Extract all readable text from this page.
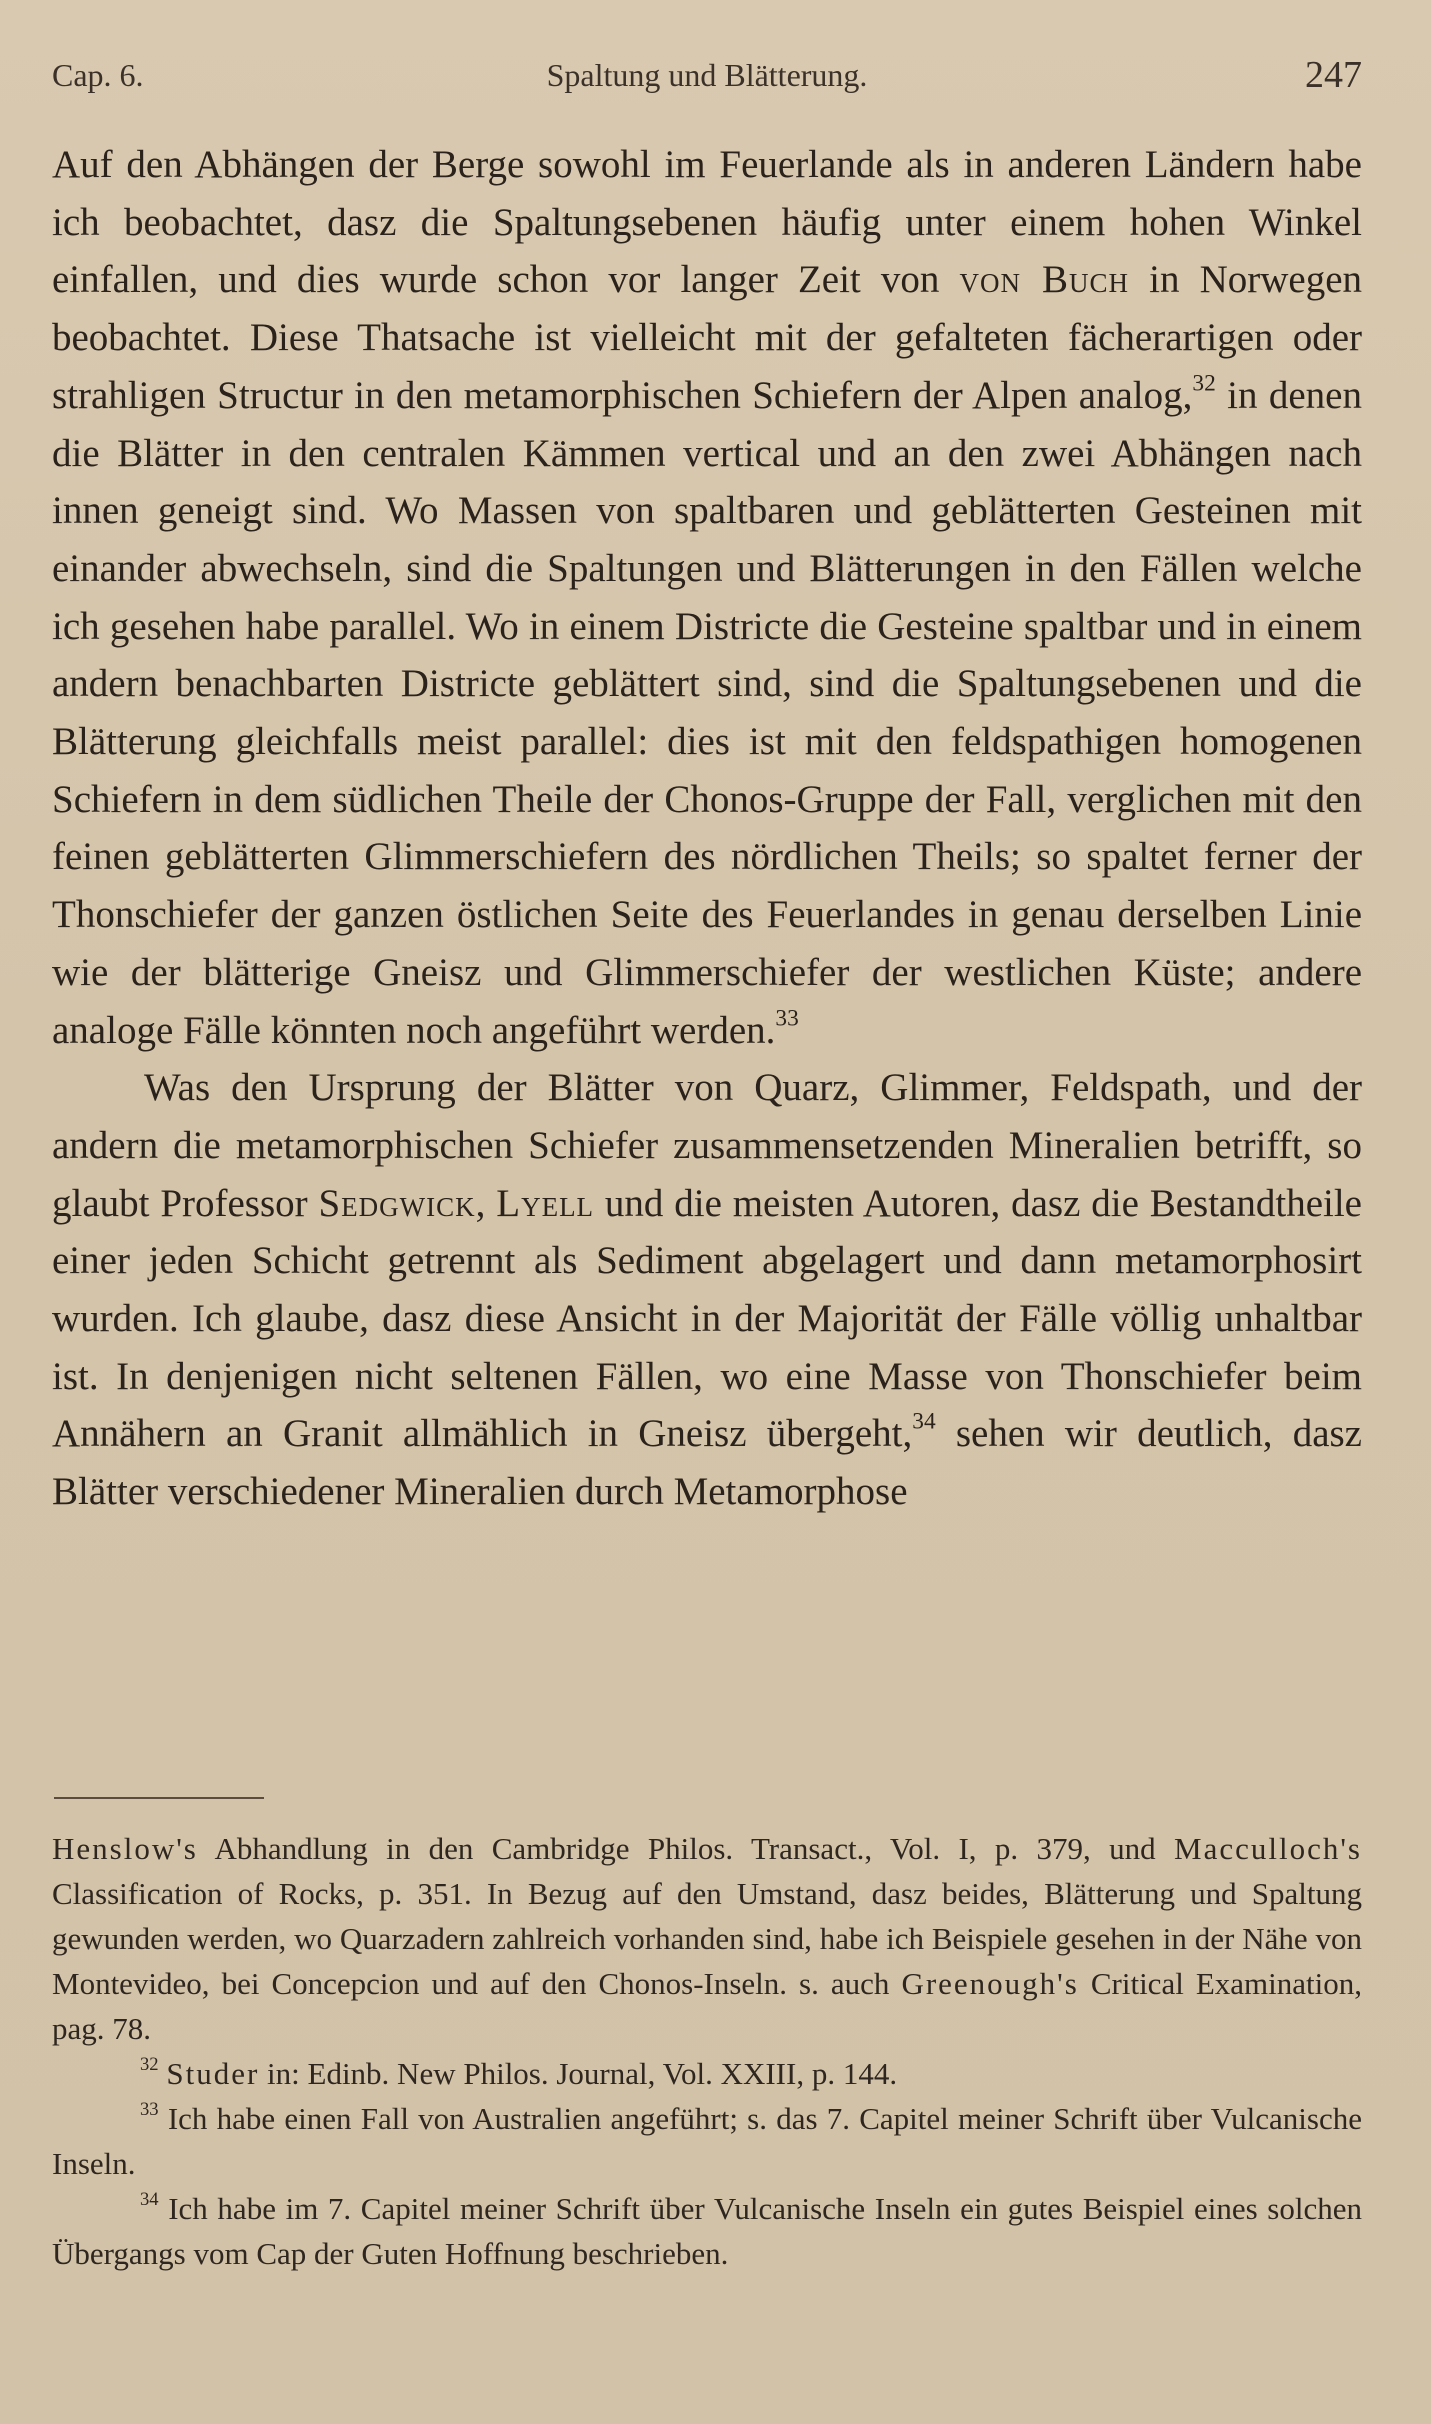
Cap. 6.	Spaltung und Blätterung.	247

Auf den Abhängen der Berge sowohl im Feuerlande als in anderen Ländern habe ich beobachtet, dasz die Spaltungsebenen häufig unter einem hohen Winkel einfallen, und dies wurde schon vor langer Zeit von von Buch in Norwegen beobachtet. Diese Thatsache ist vielleicht mit der gefalteten fächerartigen oder strahligen Structur in den metamorphischen Schiefern der Alpen analog,$^{32}$ in denen die Blätter in den centralen Kämmen vertical und an den zwei Abhängen nach innen geneigt sind. Wo Massen von spaltbaren und geblätterten Gesteinen mit einander abwechseln, sind die Spaltungen und Blätterungen in den Fällen welche ich gesehen habe parallel. Wo in einem Districte die Gesteine spaltbar und in einem andern benachbarten Districte geblättert sind, sind die Spaltungsebenen und die Blätterung gleichfalls meist parallel: dies ist mit den feldspathigen homogenen Schiefern in dem südlichen Theile der Chonos-Gruppe der Fall, verglichen mit den feinen geblätterten Glimmerschiefern des nördlichen Theils; so spaltet ferner der Thonschiefer der ganzen östlichen Seite des Feuerlandes in genau derselben Linie wie der blätterige Gneisz und Glimmerschiefer der westlichen Küste; andere analoge Fälle könnten noch angeführt werden.$^{33}$

Was den Ursprung der Blätter von Quarz, Glimmer, Feldspath, und der andern die metamorphischen Schiefer zusammensetzenden Mineralien betrifft, so glaubt Professor Sedgwick, Lyell und die meisten Autoren, dasz die Bestandtheile einer jeden Schicht getrennt als Sediment abgelagert und dann metamorphosirt wurden. Ich glaube, dasz diese Ansicht in der Majorität der Fälle völlig unhaltbar ist. In denjenigen nicht seltenen Fällen, wo eine Masse von Thonschiefer beim Annähern an Granit allmählich in Gneisz übergeht,$^{34}$ sehen wir deutlich, dasz Blätter verschiedener Mineralien durch Metamorphose

Henslow's Abhandlung in den Cambridge Philos. Transact., Vol. I, p. 379, und Macculloch's Classification of Rocks, p. 351. In Bezug auf den Umstand, dasz beides, Blätterung und Spaltung gewunden werden, wo Quarzadern zahlreich vorhanden sind, habe ich Beispiele gesehen in der Nähe von Montevideo, bei Concepcion und auf den Chonos-Inseln. s. auch Greenough's Critical Examination, pag. 78.

$^{32}$ Studer in: Edinb. New Philos. Journal, Vol. XXIII, p. 144.

$^{33}$ Ich habe einen Fall von Australien angeführt; s. das 7. Capitel meiner Schrift über Vulcanische Inseln.

$^{34}$ Ich habe im 7. Capitel meiner Schrift über Vulcanische Inseln ein gutes Beispiel eines solchen Übergangs vom Cap der Guten Hoffnung beschrieben.
